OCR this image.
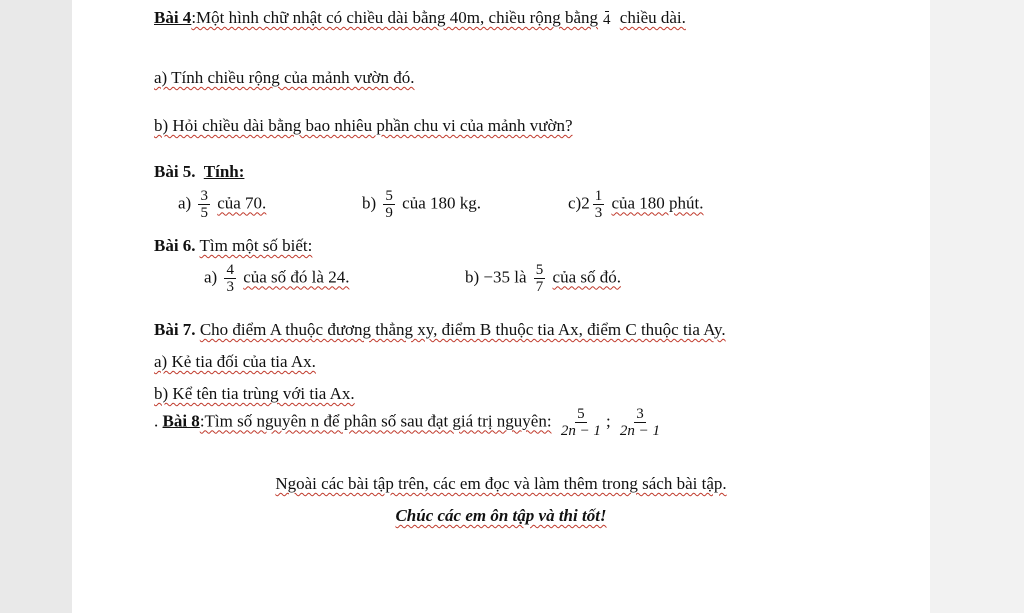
Bài 4:Một hình chữ nhật có chiều dài bằng 40m, chiều rộng bằng 4 chiều dài.
a) Tính chiều rộng của mảnh vườn đó.
b) Hỏi chiều dài bằng bao nhiêu phần chu vi của mảnh vườn?
Bài 5. Tính:
$a) \frac{3}{5}$ của 70.	$b) \frac{5}{9}$ của 180 kg.	$c)2 \frac{1}{3}$ của 180 phút.
Bài 6. Tìm một số biết:
$a) \frac{4}{3}$ của số đó là 24.	b) −35 là $\frac{5}{7}$ của số đó.
Bài 7. Cho điểm A thuộc đương thẳng xy, điểm B thuộc tia Ax, điểm C thuộc tia Ay.
a) Kẻ tia đối của tia Ax.
b) Kể tên tia trùng với tia Ax.
. Bài 8:Tìm số nguyên n để phân số sau đạt giá trị nguyên: $\frac{5}{2n - 1}$ ; $\frac{3}{2n - 1}$
Ngoài các bài tập trên, các em đọc và làm thêm trong sách bài tập.
Chúc các em ôn tập và thi tốt!
